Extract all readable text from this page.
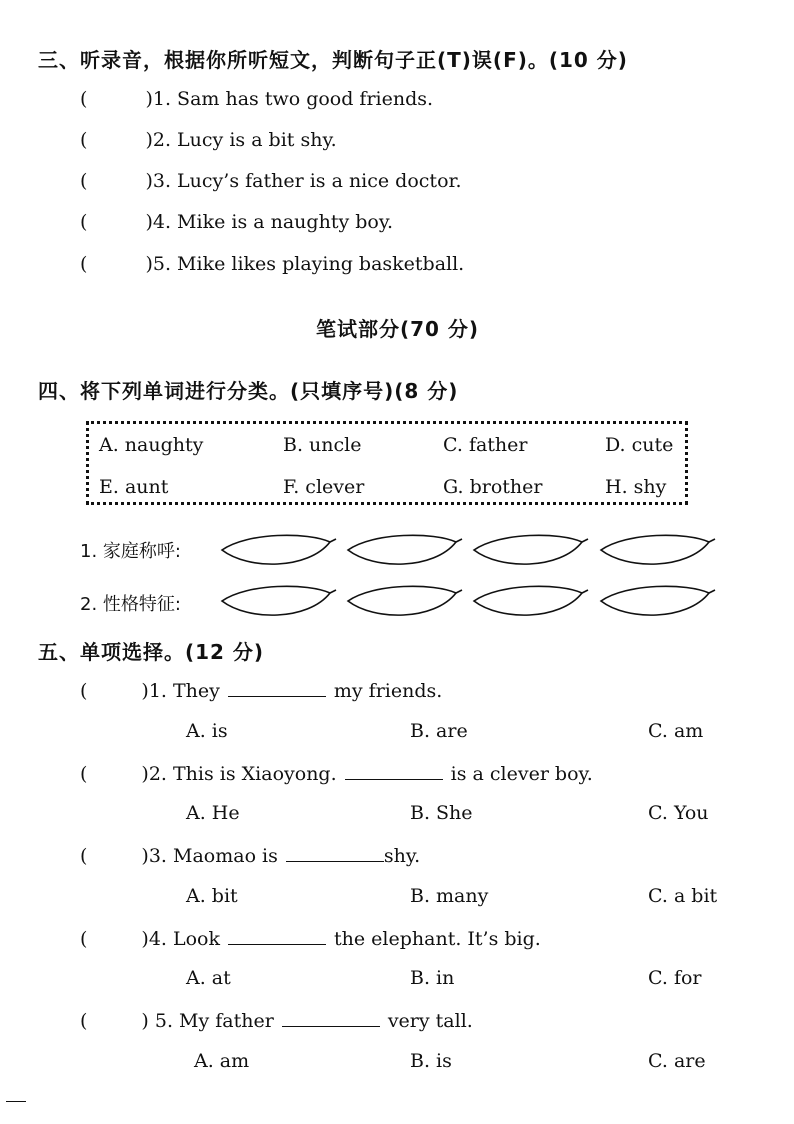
三、听录音，根据你所听短文，判断句子正(T)误(F)。(10 分)
(	)1. Sam has two good friends.
(	)2. Lucy is a bit shy.
(	)3. Lucy’s father is a nice doctor.
(	)4. Mike is a naughty boy.
(	)5. Mike likes playing basketball.
笔试部分(70 分)
四、将下列单词进行分类。(只填序号)(8 分)
A. naughty	B. uncle	C. father	D. cute
E. aunt	F. clever	G. brother	H. shy
1. 家庭称呼:
2. 性格特征:
五、单项选择。(12 分)
(	)1. They	my friends.
A. is	B. are	C. am
(	)2. This is Xiaoyong.	is a clever boy.
A. He	B. She	C. You
(	)3. Maomao is	shy.
A. bit	B. many	C. a bit
(	)4. Look	the elephant. It’s big.
A. at	B. in	C. for
(	) 5. My father	very tall.
A. am	B. is	C. are
